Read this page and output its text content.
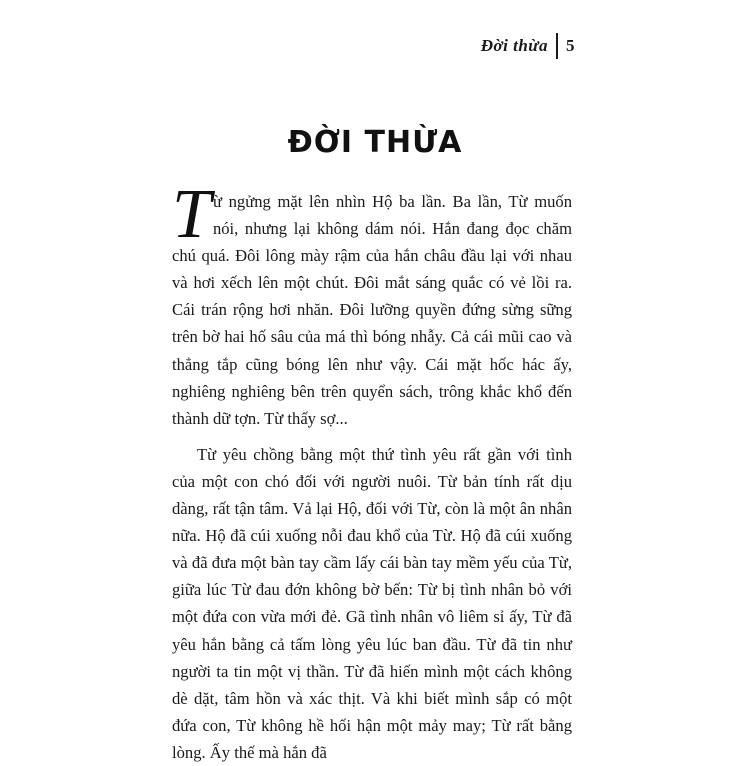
Đời thừa 5
ĐỜI THỪA

T ừ ngửng mặt lên nhìn Hộ ba lần. Ba lần, Từ muốn nói, nhưng lại không dám nói. Hắn đang đọc chăm chú quá. Đôi lông mày rậm của hắn châu đầu lại với nhau và hơi xếch lên một chút. Đôi mắt sáng quắc có vẻ lồi ra. Cái trán rộng hơi nhăn. Đôi lưỡng quyền đứng sừng sững trên bờ hai hố sâu của má thì bóng nhẫy. Cả cái mũi cao và thẳng tắp cũng bóng lên như vậy. Cái mặt hốc hác ấy, nghiêng nghiêng bên trên quyển sách, trông khắc khổ đến thành dữ tợn. Từ thấy sợ...

Từ yêu chồng bằng một thứ tình yêu rất gần với tình của một con chó đối với người nuôi. Từ bản tính rất dịu dàng, rất tận tâm. Vả lại Hộ, đối với Từ, còn là một ân nhân nữa. Hộ đã cúi xuống nỗi đau khổ của Từ. Hộ đã cúi xuống và đã đưa một bàn tay cầm lấy cái bàn tay mềm yếu của Từ, giữa lúc Từ đau đớn không bờ bến: Từ bị tình nhân bỏ với một đứa con vừa mới đẻ. Gã tình nhân vô liêm sỉ ấy, Từ đã yêu hắn bằng cả tấm lòng yêu lúc ban đầu. Từ đã tin như người ta tin một vị thần. Từ đã hiến mình một cách không dè dặt, tâm hồn và xác thịt. Và khi biết mình sắp có một đứa con, Từ không hề hối hận một mảy may; Từ rất bằng lòng. Ấy thế mà hắn đã
